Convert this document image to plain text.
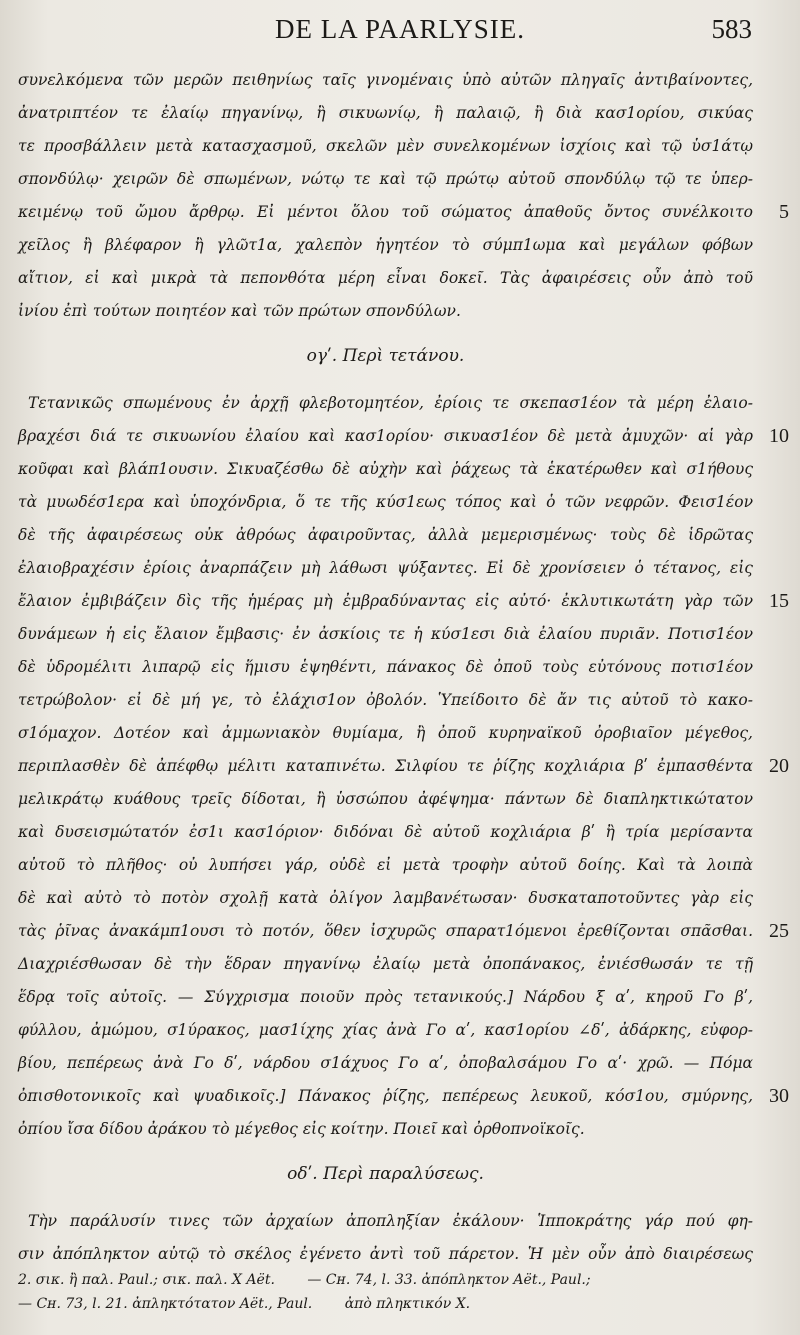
DE LA PAARLYSIE.	583
συνελκόμενα τῶν μερῶν πειθηνίως ταῖς γινομέναις ὑπὸ αὐτῶν πληγαῖς ἀντιβαίνοντες,
ἀνατριπτέον τε ἐλαίῳ πηγανίνῳ, ἢ σικυωνίῳ, ἢ παλαιῷ, ἢ διὰ κασ1ορίου, σικύας
τε προσβάλλειν μετὰ κατασχασμοῦ, σκελῶν μὲν συνελκομένων ἰσχίοις καὶ τῷ ὑσ1άτῳ
σπονδύλῳ· χειρῶν δὲ σπωμένων, νώτῳ τε καὶ τῷ πρώτῳ αὐτοῦ σπονδύλῳ τῷ τε ὑπερ-
κειμένῳ τοῦ ὤμου ἄρθρῳ. Εἰ μέντοι ὅλου τοῦ σώματος ἀπαθοῦς ὄντος συνέλκοιτο 5
χεῖλος ἢ βλέφαρον ἢ γλῶτ1α, χαλεπὸν ἡγητέον τὸ σύμπ1ωμα καὶ μεγάλων φόβων
αἴτιον, εἰ καὶ μικρὰ τὰ πεπονθότα μέρη εἶναι δοκεῖ. Τὰς ἀφαιρέσεις οὖν ἀπὸ τοῦ
ἰνίου ἐπὶ τούτων ποιητέον καὶ τῶν πρώτων σπονδύλων.
ογʹ. Περὶ τετάνου.
Τετανικῶς σπωμένους ἐν ἀρχῇ φλεβοτομητέον, ἐρίοις τε σκεπασ1έον τὰ μέρη ἐλαιο-
βραχέσι διά τε σικυωνίου ἐλαίου καὶ κασ1ορίου· σικυασ1έον δὲ μετὰ ἀμυχῶν· αἱ γὰρ 10
κοῦφαι καὶ βλάπ1ουσιν. Σικυαζέσθω δὲ αὐχὴν καὶ ῥάχεως τὰ ἑκατέρωθεν καὶ σ1ήθους
τὰ μυωδέσ1ερα καὶ ὑποχόνδρια, ὅ τε τῆς κύσ1εως τόπος καὶ ὁ τῶν νεφρῶν. Φεισ1έον
δὲ τῆς ἀφαιρέσεως οὐκ ἀθρόως ἀφαιροῦντας, ἀλλὰ μεμερισμένως· τοὺς δὲ ἱδρῶτας
ἐλαιοβραχέσιν ἐρίοις ἀναρπάζειν μὴ λάθωσι ψύξαντες. Εἰ δὲ χρονίσειεν ὁ τέτανος, εἰς
ἔλαιον ἐμβιβάζειν δὶς τῆς ἡμέρας μὴ ἐμβραδύναντας εἰς αὐτό· ἐκλυτικωτάτη γὰρ τῶν 15
δυνάμεων ἡ εἰς ἔλαιον ἔμβασις· ἐν ἀσκίοις τε ἡ κύσ1εσι διὰ ἐλαίου πυριᾶν. Ποτισ1έον
δὲ ὑδρομέλιτι λιπαρῷ εἰς ἥμισυ ἑψηθέντι, πάνακος δὲ ὀποῦ τοὺς εὐτόνους ποτισ1έον
τετρώβολον· εἰ δὲ μή γε, τὸ ἐλάχισ1ον ὀβολόν. Ὑπείδοιτο δὲ ἄν τις αὐτοῦ τὸ κακο-
σ1όμαχον. Δοτέον καὶ ἀμμωνιακὸν θυμίαμα, ἢ ὀποῦ κυρηναϊκοῦ ὀροβιαῖον μέγεθος,
περιπλασθὲν δὲ ἀπέφθῳ μέλιτι καταπινέτω. Σιλφίου τε ῥίζης κοχλιάρια βʹ ἐμπασθέντα 20
μελικράτῳ κυάθους τρεῖς δίδοται, ἢ ὑσσώπου ἀφέψημα· πάντων δὲ διαπληκτικώτατον
καὶ δυσεισμώτατόν ἐσ1ι κασ1όριον· διδόναι δὲ αὐτοῦ κοχλιάρια βʹ ἢ τρία μερίσαντα
αὐτοῦ τὸ πλῆθος· οὐ λυπήσει γάρ, οὐδὲ εἰ μετὰ τροφὴν αὐτοῦ δοίης. Καὶ τὰ λοιπὰ
δὲ καὶ αὐτὸ τὸ ποτὸν σχολῇ κατὰ ὀλίγον λαμβανέτωσαν· δυσκαταποτοῦντες γὰρ εἰς
τὰς ῥῖνας ἀνακάμπ1ουσι τὸ ποτόν, ὅθεν ἰσχυρῶς σπαρατ1όμενοι ἐρεθίζονται σπᾶσθαι. 25
Διαχριέσθωσαν δὲ τὴν ἕδραν πηγανίνῳ ἐλαίῳ μετὰ ὀποπάνακος, ἐνιέσθωσάν τε τῇ
ἕδρᾳ τοῖς αὐτοῖς. — Σύγχρισμα ποιοῦν πρὸς τετανικούς.] Νάρδου ξ αʹ, κηροῦ Γο βʹ,
φύλλου, ἀμώμου, σ1ύρακος, μασ1ίχης χίας ἀνὰ Γο αʹ, κασ1ορίου ∠δʹ, ἀδάρκης, εὐφορ-
βίου, πεπέρεως ἀνὰ Γο δʹ, νάρδου σ1άχυος Γο αʹ, ὀποβαλσάμου Γο αʹ· χρῶ. — Πόμα
ὀπισθοτονικοῖς καὶ ψυαδικοῖς.] Πάνακος ῥίζης, πεπέρεως λευκοῦ, κόσ1ου, σμύρνης, 30
ὀπίου ἴσα δίδου ἀράκου τὸ μέγεθος εἰς κοίτην. Ποιεῖ καὶ ὀρθοπνοϊκοῖς.
οδʹ. Περὶ παραλύσεως.
Τὴν παράλυσίν τινες τῶν ἀρχαίων ἀποπληξίαν ἐκάλουν· Ἱπποκράτης γάρ πού φη-
σιν ἀπόπληκτον αὐτῷ τὸ σκέλος ἐγένετο ἀντὶ τοῦ πάρετον. Ἡ μὲν οὖν ἀπὸ διαιρέσεως
2. σικ. ἢ παλ. Paul.; σικ. παλ. X Aët. — Cʜ. 74, l. 33. ἀπόπληκτον Aët., Paul.;
— Cʜ. 73, l. 21. ἀπληκτότατον Aët., Paul. ἀπὸ πληκτικόν X.
